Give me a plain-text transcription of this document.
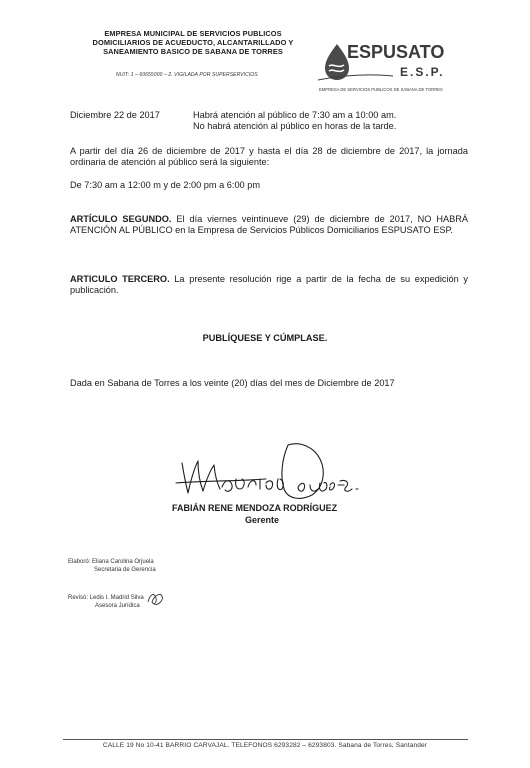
EMPRESA MUNICIPAL DE SERVICIOS PUBLICOS
DOMICILIARIOS DE ACUEDUCTO, ALCANTARILLADO Y
SANEAMIENTO BASICO DE SABANA DE TORRES
NUIT: 1 – 60655000 – 2. VIGILADA POR SUPERSERVICIOS
ESPUSATO
E.S.P.
EMPRESA DE SERVICIOS PUBLICOS DE SABANA DE TORRES
Diciembre 22 de 2017	Habrá atención al público de 7:30 am a 10:00 am.
No habrá atención al público en horas de la tarde.
A partir del día 26 de diciembre de 2017 y hasta el día 28 de diciembre de 2017, la jornada ordinaria de atención al público será la siguiente:
De 7:30 am a 12:00 m y de 2:00 pm a 6:00 pm
ARTÍCULO SEGUNDO. El día viernes veintinueve (29) de diciembre de 2017, NO HABRÁ ATENCIÓN AL PÚBLICO en la Empresa de Servicios Públicos Domiciliarios ESPUSATO ESP.
ARTICULO TERCERO. La presente resolución rige a partir de la fecha de su expedición y publicación.
PUBLÍQUESE Y CÚMPLASE.
Dada en Sabana de Torres a los veinte (20) días del mes de Diciembre de 2017
FABIÁN RENE MENDOZA RODRÍGUEZ
Gerente
Elaboró: Eliana Carolina Orjuela
Secretaria de Gerencia
Revisó: Ledis I. Madrid Silva
Asesora Jurídica
CALLE 19 No 10-41 BARRIO CARVAJAL. TELEFONOS 6293282 – 6293803. Sabana de Torres, Santander
